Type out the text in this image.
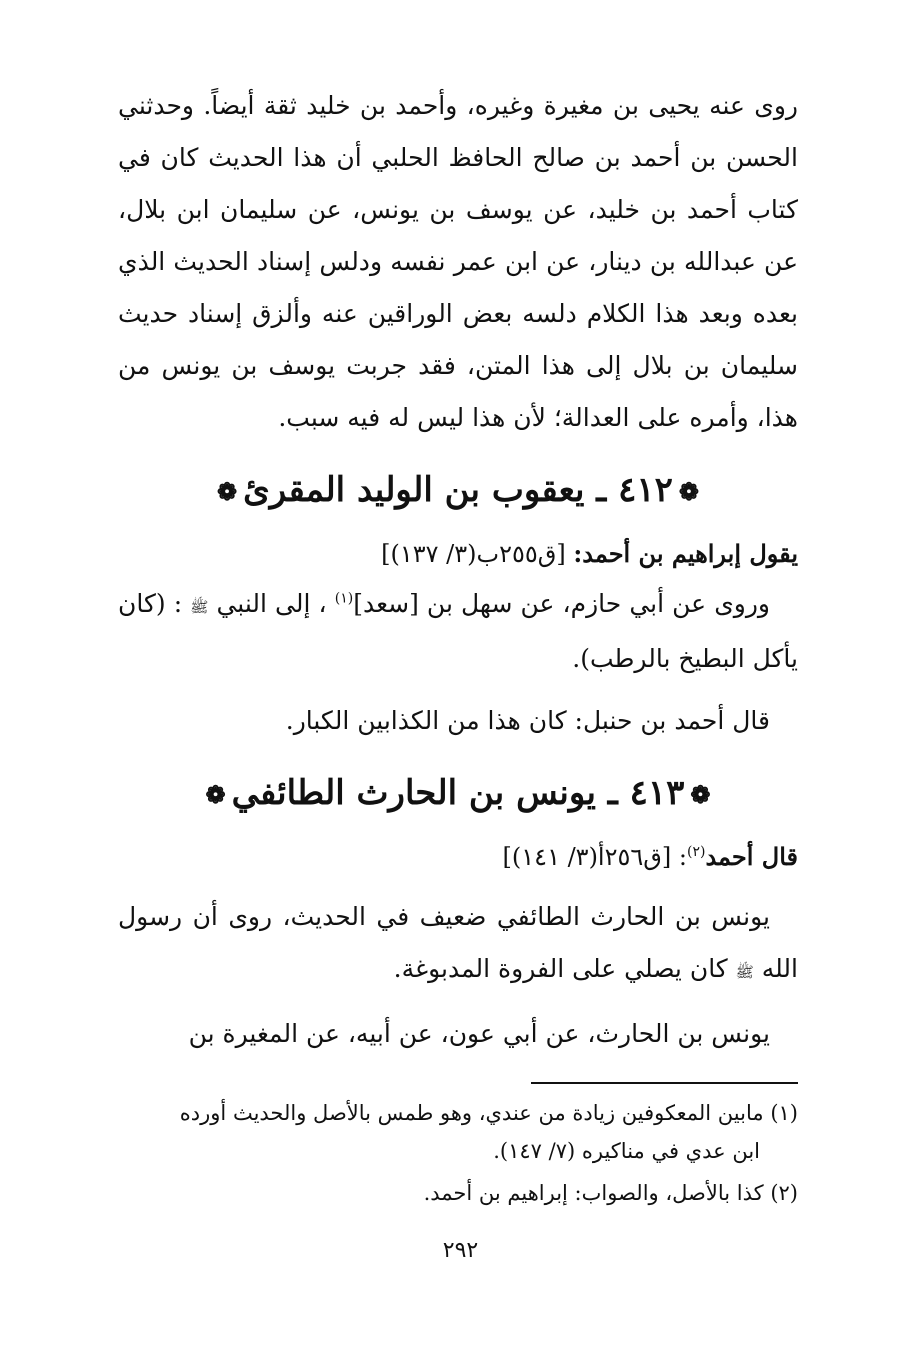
روى عنه يحيى بن مغيرة وغيره، وأحمد بن خليد ثقة أيضاً. وحدثني الحسن بن أحمد بن صالح الحافظ الحلبي أن هذا الحديث كان في كتاب أحمد بن خليد، عن يوسف بن يونس، عن سليمان ابن بلال، عن عبدالله بن دينار، عن ابن عمر نفسه ودلس إسناد الحديث الذي بعده وبعد هذا الكلام دلسه بعض الوراقين عنه وألزق إسناد حديث سليمان بن بلال إلى هذا المتن، فقد جربت يوسف بن يونس من هذا، وأمره على العدالة؛ لأن هذا ليس له فيه سبب.

❁٤١٢ ـ يعقوب بن الوليد المقرئ❁

يقول إبراهيم بن أحمد: [ق٢٥٥ب(٣/ ١٣٧)]

وروى عن أبي حازم، عن سهل بن [سعد]$^{(١)}$ ، إلى النبي ﷺ : (كان يأكل البطيخ بالرطب).

قال أحمد بن حنبل: كان هذا من الكذابين الكبار.

❁٤١٣ ـ يونس بن الحارث الطائفي❁

قال أحمد$^{(٢)}$: [ق٢٥٦أ(٣/ ١٤١)]

يونس بن الحارث الطائفي ضعيف في الحديث، روى أن رسول الله ﷺ كان يصلي على الفروة المدبوغة.

يونس بن الحارث، عن أبي عون، عن أبيه، عن المغيرة بن

(١) مابين المعكوفين زيادة من عندي، وهو طمس بالأصل والحديث أورده
ابن عدي في مناكيره (٧/ ١٤٧).

(٢) كذا بالأصل، والصواب: إبراهيم بن أحمد.

٢٩٢
